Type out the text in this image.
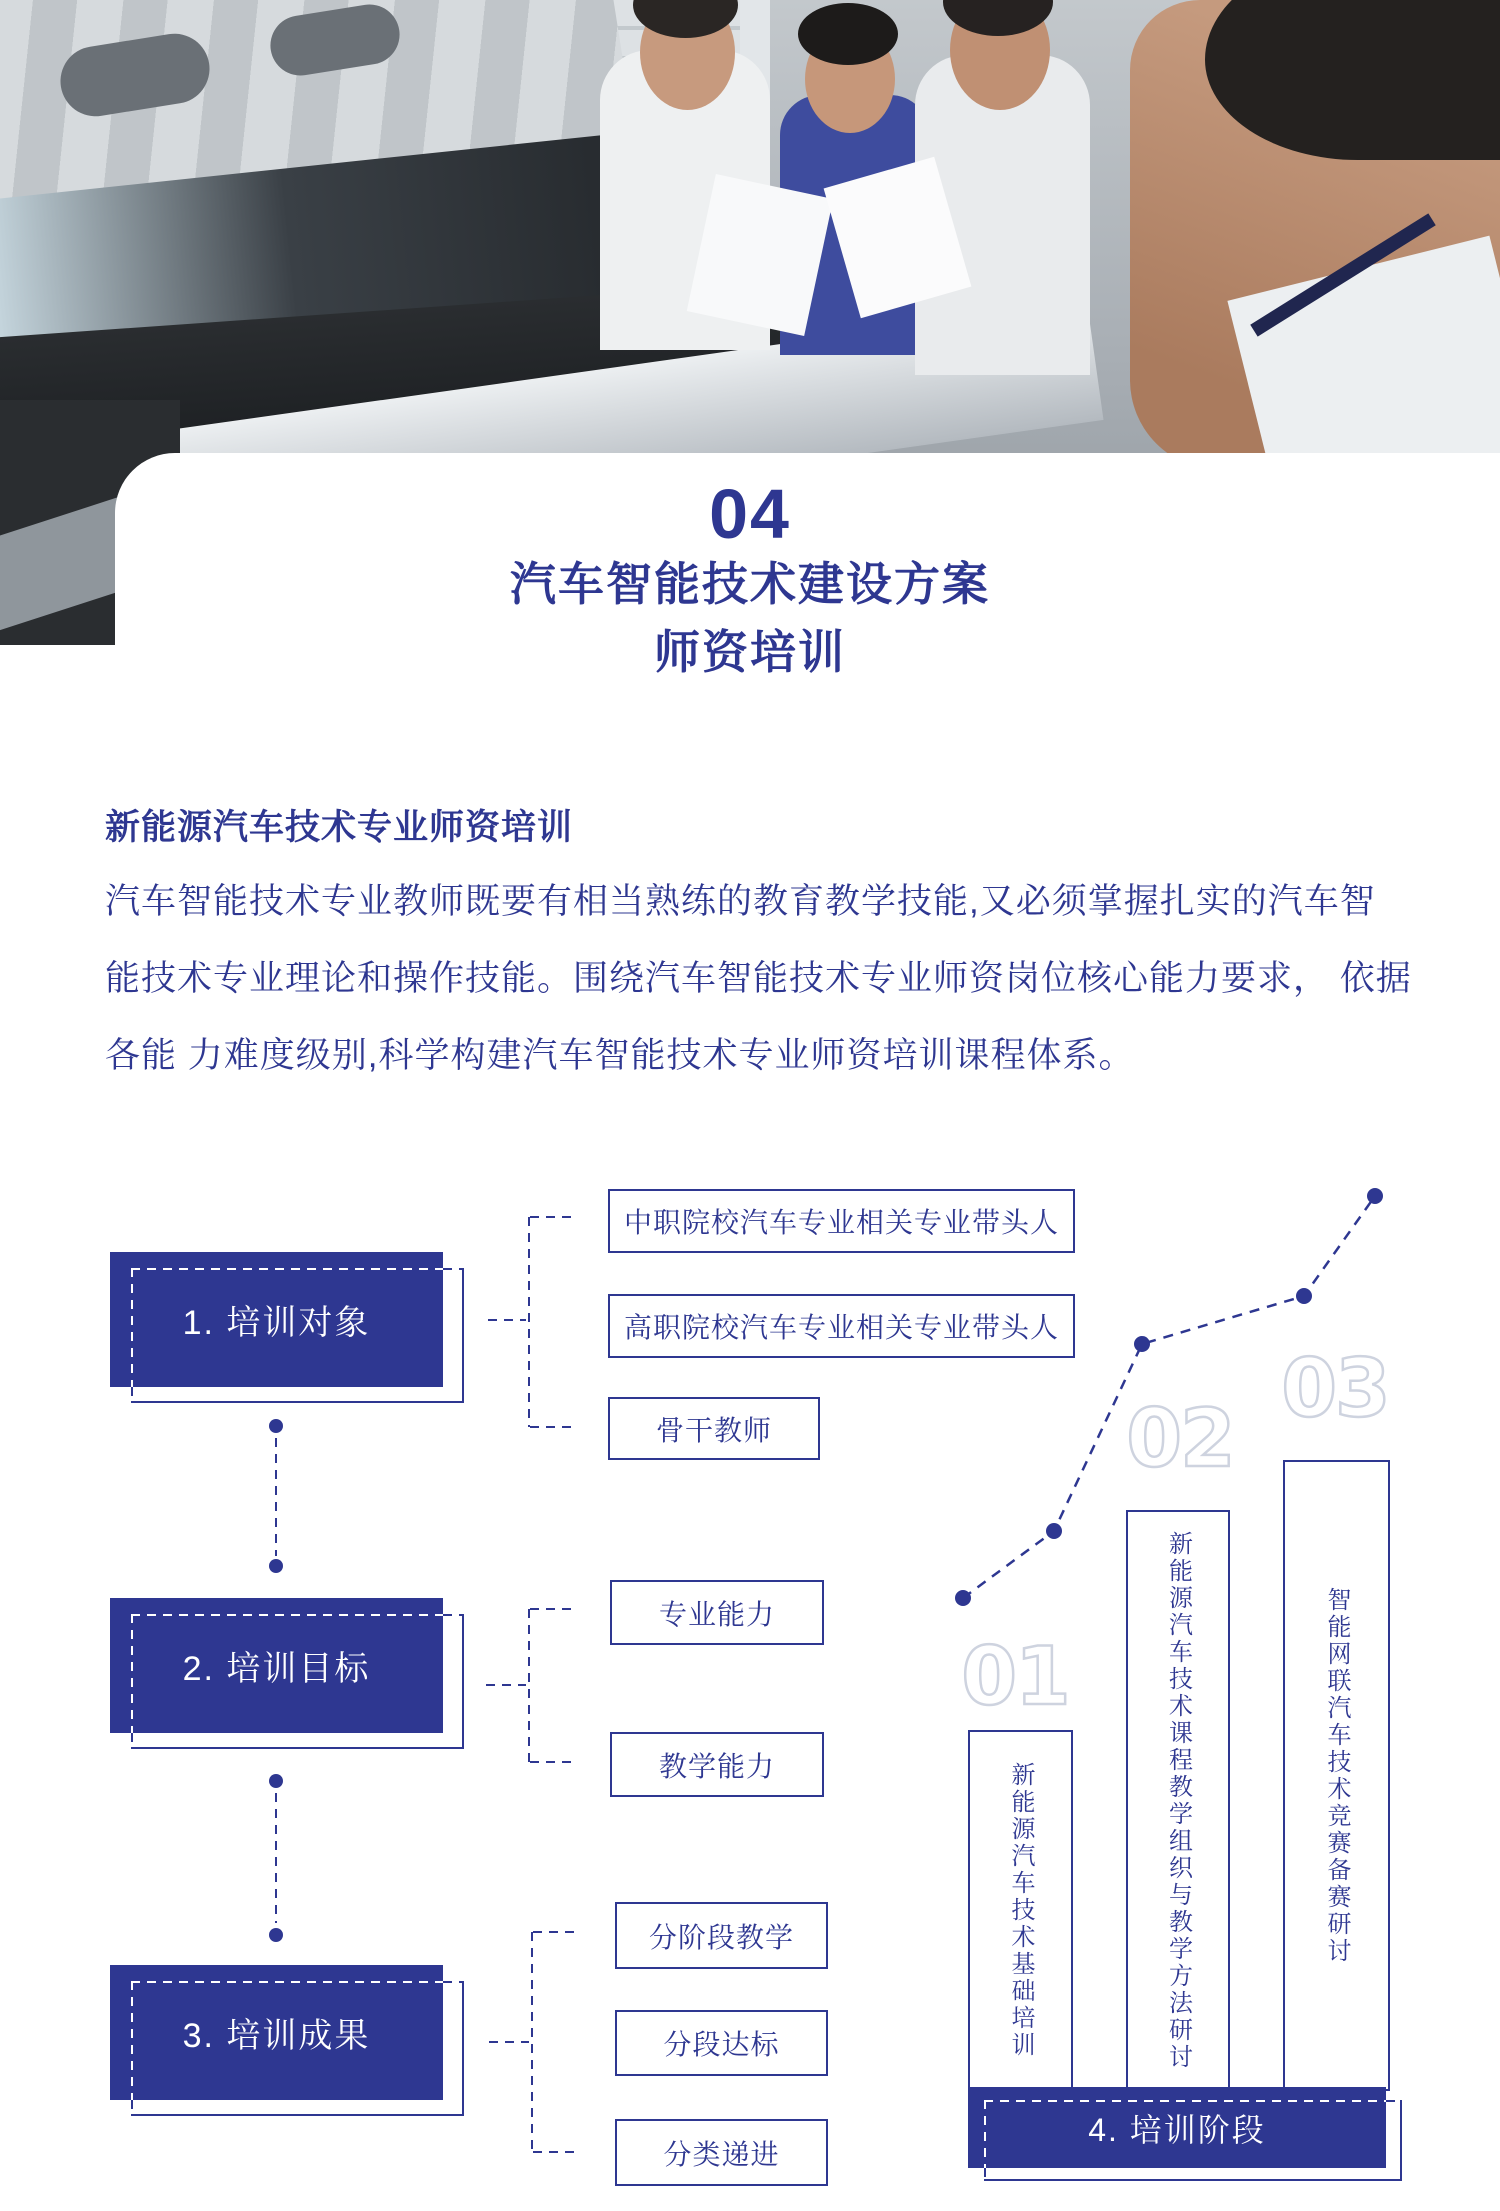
04
汽车智能技术建设方案
师资培训
新能源汽车技术专业师资培训
汽车智能技术专业教师既要有相当熟练的教育教学技能,又必须掌握扎实的汽车智
能技术专业理论和操作技能。围绕汽车智能技术专业师资岗位核心能力要求， 依据
各能 力难度级别,科学构建汽车智能技术专业师资培训课程体系。
1. 培训对象
中职院校汽车专业相关专业带头人
高职院校汽车专业相关专业带头人
骨干教师
2. 培训目标
专业能力
教学能力
3. 培训成果
分阶段教学
分段达标
分类递进
01
02
03
新能源汽车技术基础培训	新能源汽车技术课程教学组织与教学方法研讨	智能网联汽车技术竞赛备赛研讨
4. 培训阶段
